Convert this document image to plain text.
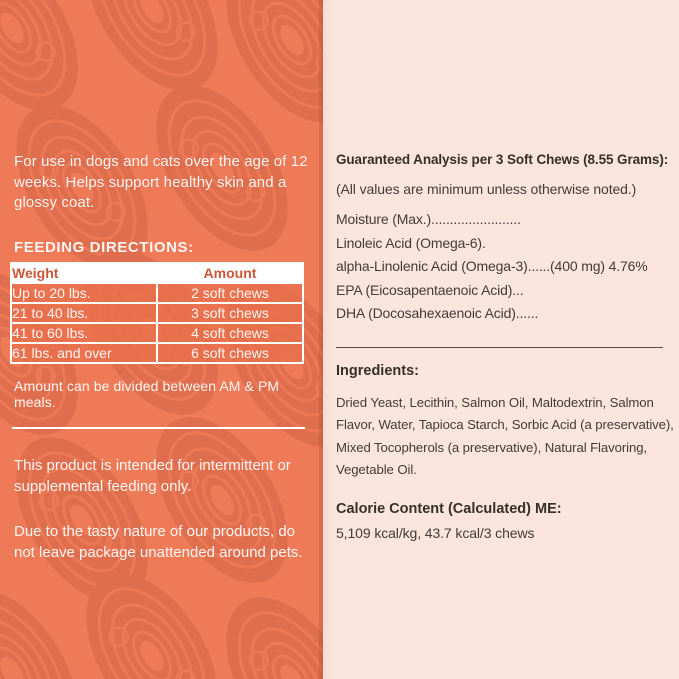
For use in dogs and cats over the age of 12 weeks. Helps support healthy skin and a glossy coat.

FEEDING DIRECTIONS:
Weight	Amount
Up to 20 lbs.	2 soft chews
21 to 40 lbs.	3 soft chews
41 to 60 lbs.	4 soft chews
61 lbs. and over	6 soft chews

Amount can be divided between AM & PM meals.

This product is intended for intermittent or supplemental feeding only.

Due to the tasty nature of our products, do not leave package unattended around pets.

Guaranteed Analysis per 3 Soft Chews (8.55 Grams):

(All values are minimum unless otherwise noted.)

Moisture (Max.)........................
Linoleic Acid (Omega-6).
alpha-Linolenic Acid (Omega-3)......(400 mg) 4.76%
EPA (Eicosapentaenoic Acid)...
DHA (Docosahexaenoic Acid)......
Ingredients:

Dried Yeast, Lecithin, Salmon Oil, Maltodextrin, Salmon Flavor, Water, Tapioca Starch, Sorbic Acid (a preservative), Mixed Tocopherols (a preservative), Natural Flavoring, Vegetable Oil.

Calorie Content (Calculated) ME:

5,109 kcal/kg, 43.7 kcal/3 chews
